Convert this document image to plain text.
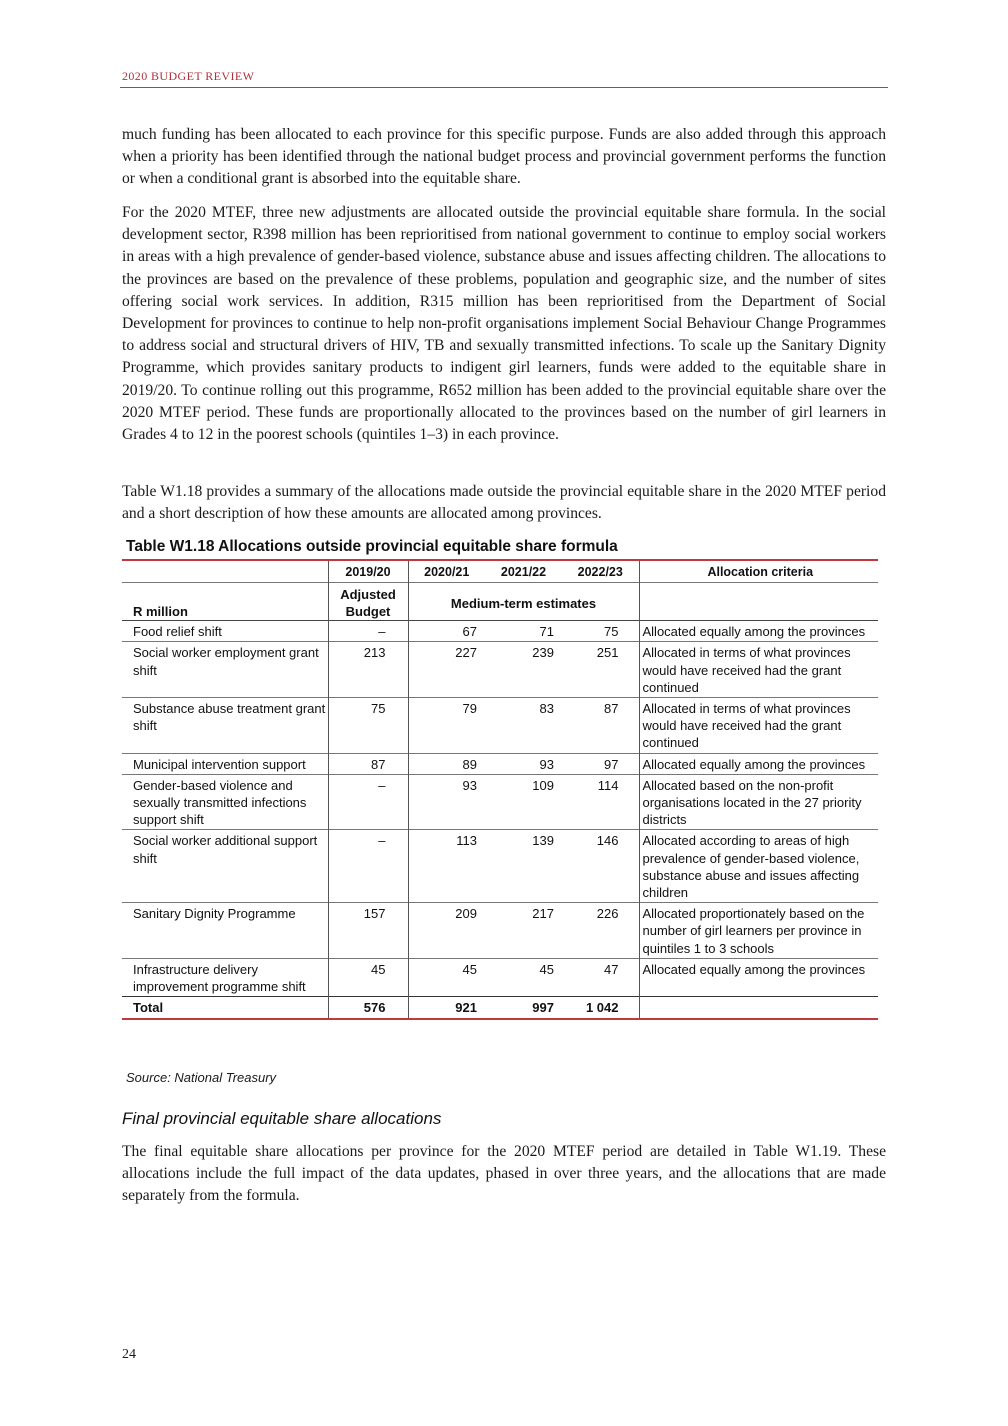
2020 BUDGET REVIEW

much funding has been allocated to each province for this specific purpose. Funds are also added through this approach when a priority has been identified through the national budget process and provincial government performs the function or when a conditional grant is absorbed into the equitable share.

For the 2020 MTEF, three new adjustments are allocated outside the provincial equitable share formula. In the social development sector, R398 million has been reprioritised from national government to continue to employ social workers in areas with a high prevalence of gender-based violence, substance abuse and issues affecting children. The allocations to the provinces are based on the prevalence of these problems, population and geographic size, and the number of sites offering social work services. In addition, R315 million has been reprioritised from the Department of Social Development for provinces to continue to help non-profit organisations implement Social Behaviour Change Programmes to address social and structural drivers of HIV, TB and sexually transmitted infections. To scale up the Sanitary Dignity Programme, which provides sanitary products to indigent girl learners, funds were added to the equitable share in 2019/20. To continue rolling out this programme, R652 million has been added to the provincial equitable share over the 2020 MTEF period. These funds are proportionally allocated to the provinces based on the number of girl learners in Grades 4 to 12 in the poorest schools (quintiles 1–3) in each province.

Table W1.18 provides a summary of the allocations made outside the provincial equitable share in the 2020 MTEF period and a short description of how these amounts are allocated among provinces.

Table W1.18 Allocations outside provincial equitable share formula
	2019/20	2020/21	2021/22	2022/23	Allocation criteria
R million	Adjusted Budget	Medium-term estimates			
Food relief shift	–	67	71	75	Allocated equally among the provinces
Social worker employment grant shift	213	227	239	251	Allocated in terms of what provinces would have received had the grant continued
Substance abuse treatment grant shift	75	79	83	87	Allocated in terms of what provinces would have received had the grant continued
Municipal intervention support	87	89	93	97	Allocated equally among the provinces
Gender-based violence and sexually transmitted infections support shift	–	93	109	114	Allocated based on the non-profit organisations located in the 27 priority districts
Social worker additional support shift	–	113	139	146	Allocated according to areas of high prevalence of gender-based violence, substance abuse and issues affecting children
Sanitary Dignity Programme	157	209	217	226	Allocated proportionately based on the number of girl learners per province in quintiles 1 to 3 schools
Infrastructure delivery improvement programme shift	45	45	45	47	Allocated equally among the provinces
Total	576	921	997	1 042	
Source: National Treasury
Final provincial equitable share allocations

The final equitable share allocations per province for the 2020 MTEF period are detailed in Table W1.19. These allocations include the full impact of the data updates, phased in over three years, and the allocations that are made separately from the formula.

24
